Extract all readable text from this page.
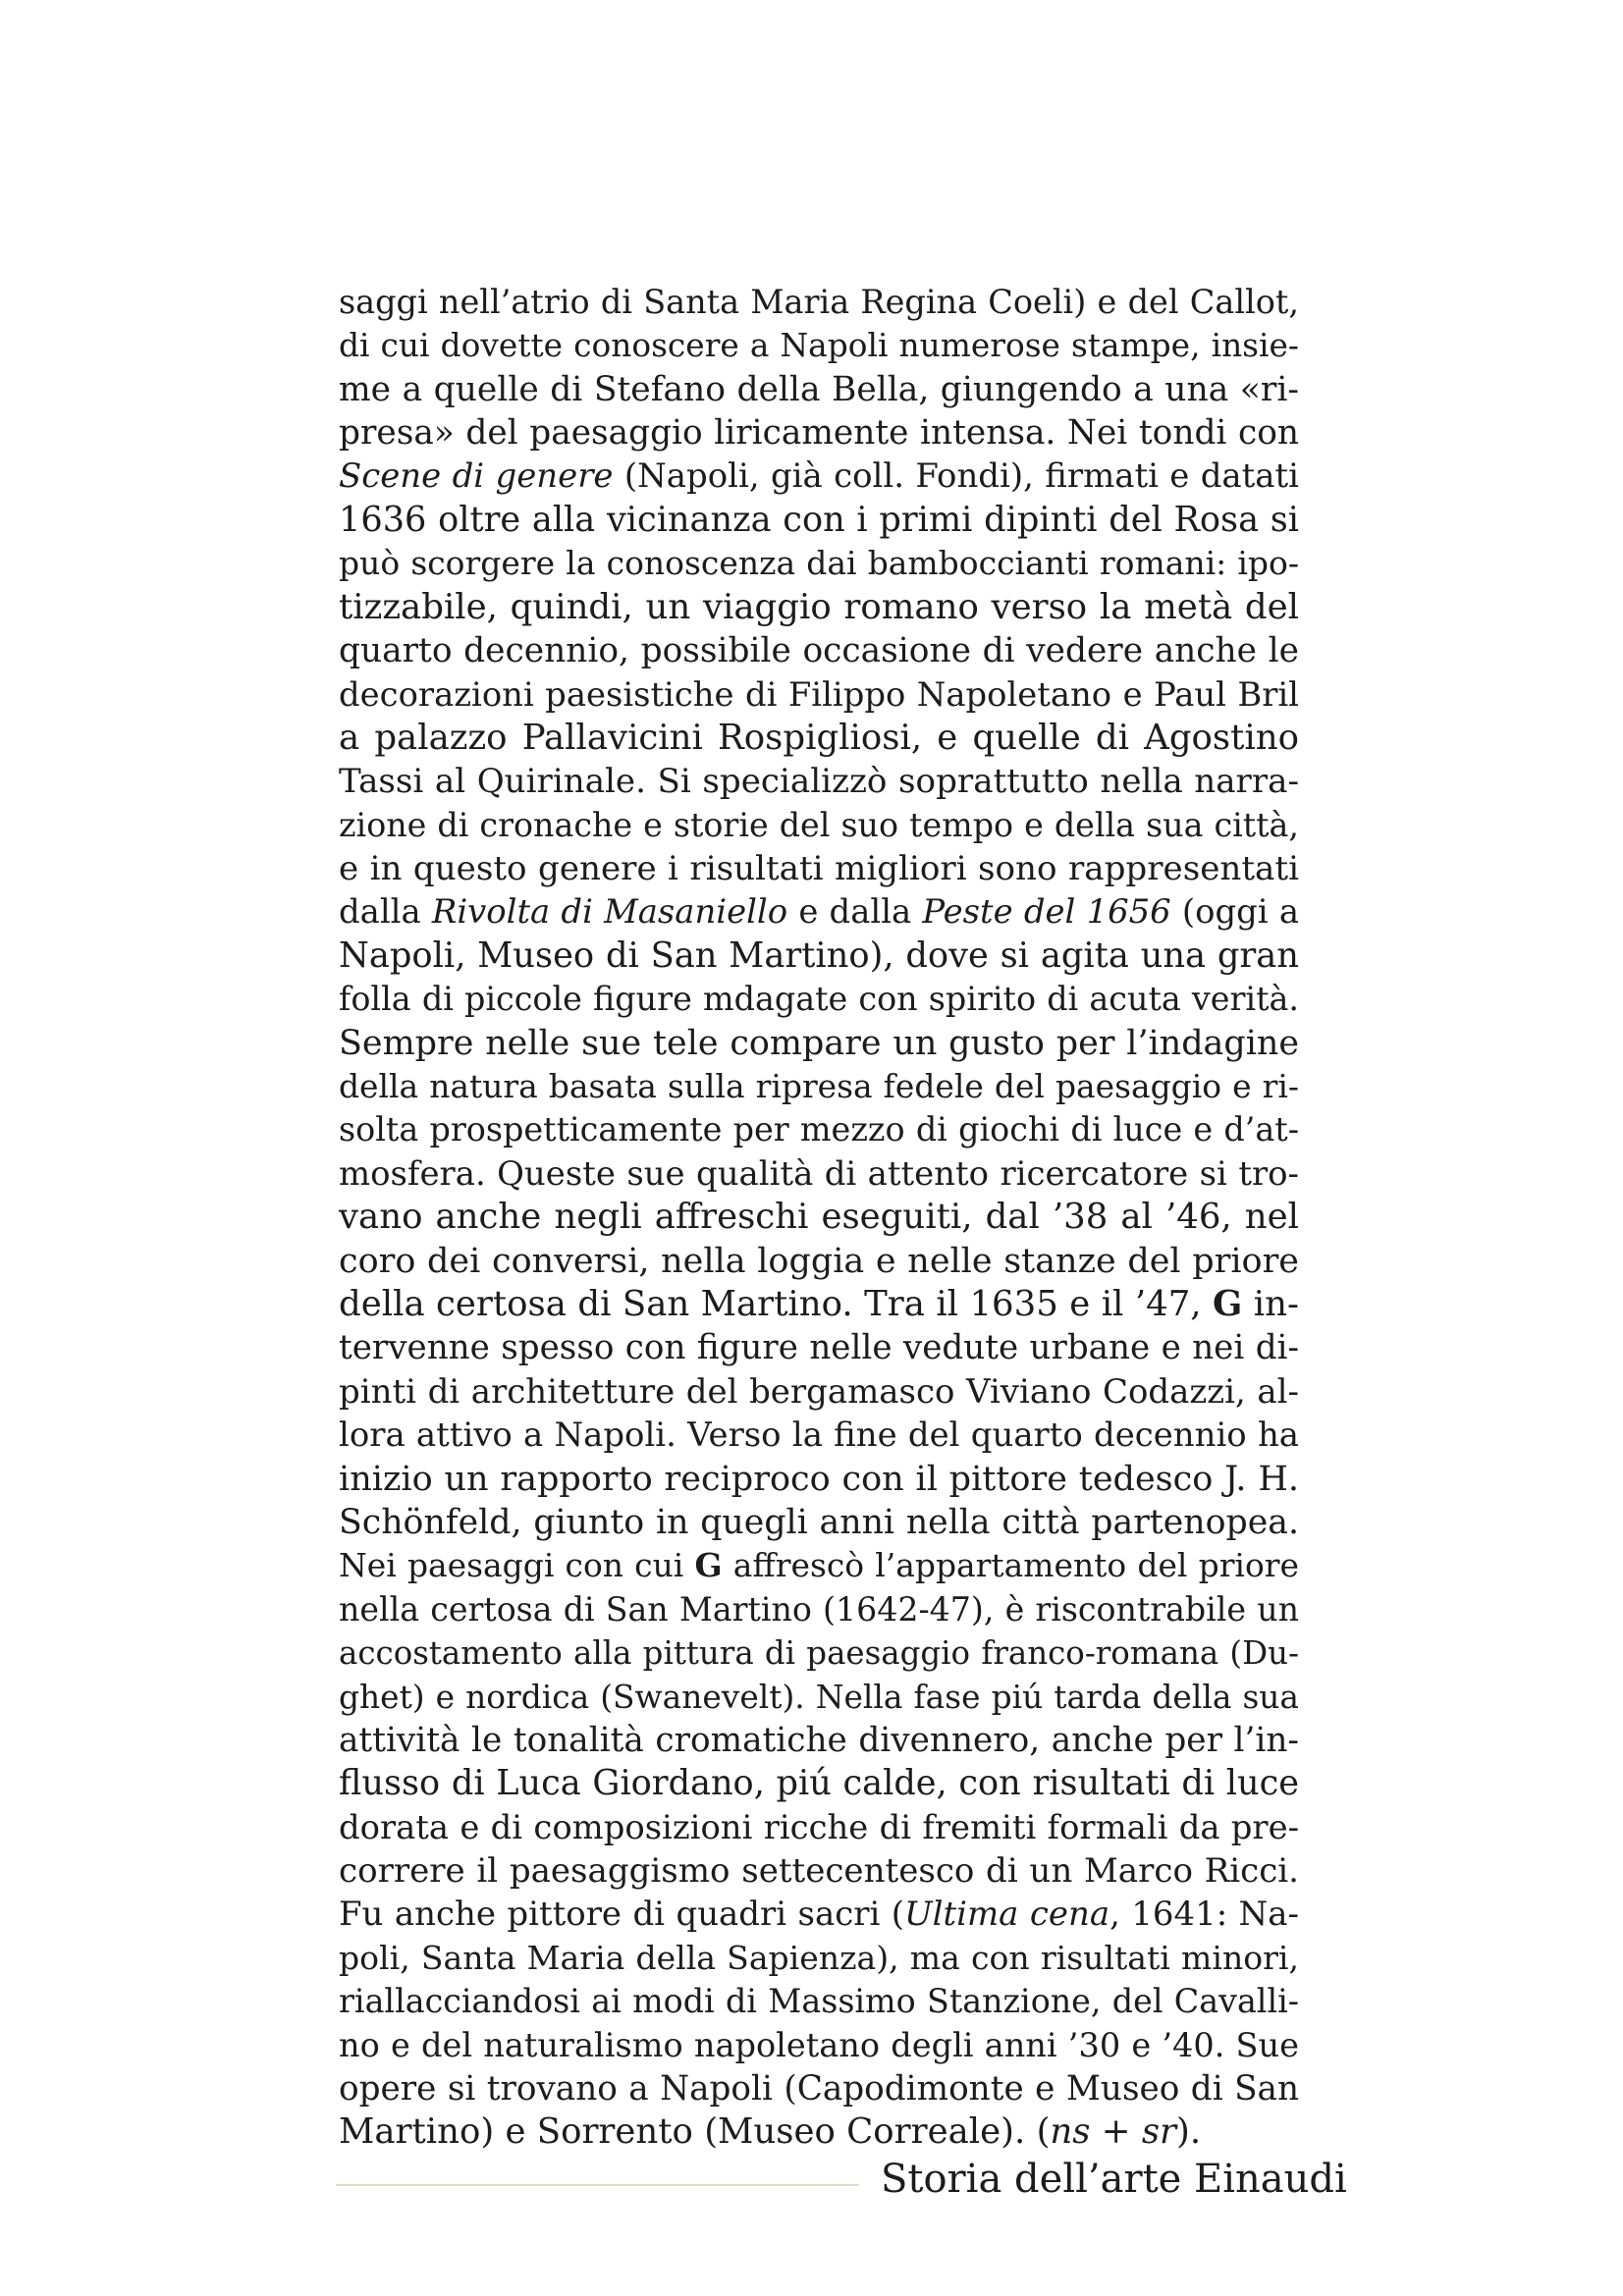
saggi nell’atrio di Santa Maria Regina Coeli) e del Callot,
di cui dovette conoscere a Napoli numerose stampe, insie-
me a quelle di Stefano della Bella, giungendo a una «ri-
presa» del paesaggio liricamente intensa. Nei tondi con
Scene di genere (Napoli, già coll. Fondi), firmati e datati
1636 oltre alla vicinanza con i primi dipinti del Rosa si
può scorgere la conoscenza dai bamboccianti romani: ipo-
tizzabile, quindi, un viaggio romano verso la metà del
quarto decennio, possibile occasione di vedere anche le
decorazioni paesistiche di Filippo Napoletano e Paul Bril
a palazzo Pallavicini Rospigliosi, e quelle di Agostino
Tassi al Quirinale. Si specializzò soprattutto nella narra-
zione di cronache e storie del suo tempo e della sua città,
e in questo genere i risultati migliori sono rappresentati
dalla Rivolta di Masaniello e dalla Peste del 1656 (oggi a
Napoli, Museo di San Martino), dove si agita una gran
folla di piccole figure mdagate con spirito di acuta verità.
Sempre nelle sue tele compare un gusto per l’indagine
della natura basata sulla ripresa fedele del paesaggio e ri-
solta prospetticamente per mezzo di giochi di luce e d’at-
mosfera. Queste sue qualità di attento ricercatore si tro-
vano anche negli affreschi eseguiti, dal ’38 al ’46, nel
coro dei conversi, nella loggia e nelle stanze del priore
della certosa di San Martino. Tra il 1635 e il ’47, G in-
tervenne spesso con figure nelle vedute urbane e nei di-
pinti di architetture del bergamasco Viviano Codazzi, al-
lora attivo a Napoli. Verso la fine del quarto decennio ha
inizio un rapporto reciproco con il pittore tedesco J. H.
Schönfeld, giunto in quegli anni nella città partenopea.
Nei paesaggi con cui G affrescò l’appartamento del priore
nella certosa di San Martino (1642-47), è riscontrabile un
accostamento alla pittura di paesaggio franco-romana (Du-
ghet) e nordica (Swanevelt). Nella fase piú tarda della sua
attività le tonalità cromatiche divennero, anche per l’in-
flusso di Luca Giordano, piú calde, con risultati di luce
dorata e di composizioni ricche di fremiti formali da pre-
correre il paesaggismo settecentesco di un Marco Ricci.
Fu anche pittore di quadri sacri (Ultima cena, 1641: Na-
poli, Santa Maria della Sapienza), ma con risultati minori,
riallacciandosi ai modi di Massimo Stanzione, del Cavalli-
no e del naturalismo napoletano degli anni ’30 e ’40. Sue
opere si trovano a Napoli (Capodimonte e Museo di San
Martino) e Sorrento (Museo Correale). (ns + sr).
Storia dell’arte Einaudi
